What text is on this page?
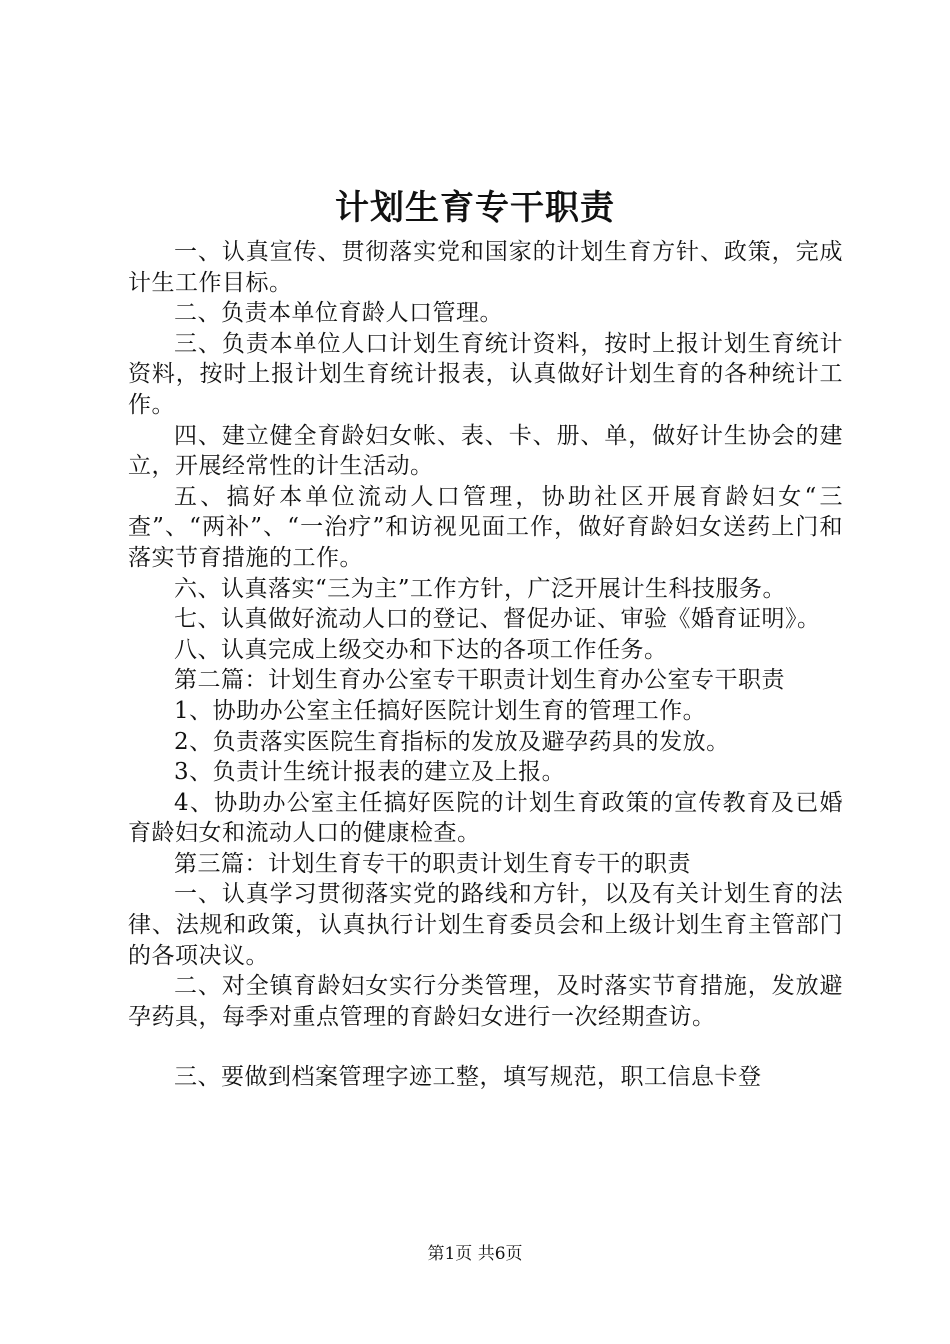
计划生育专干职责

一、认真宣传、贯彻落实党和国家的计划生育方针、政策，完成计生工作目标。

二、负责本单位育龄人口管理。

三、负责本单位人口计划生育统计资料，按时上报计划生育统计资料，按时上报计划生育统计报表，认真做好计划生育的各种统计工作。

四、建立健全育龄妇女帐、表、卡、册、单，做好计生协会的建立，开展经常性的计生活动。

五、搞好本单位流动人口管理，协助社区开展育龄妇女“三查”、“两补”、“一治疗”和访视见面工作，做好育龄妇女送药上门和落实节育措施的工作。

六、认真落实“三为主”工作方针，广泛开展计生科技服务。

七、认真做好流动人口的登记、督促办证、审验《婚育证明》。

八、认真完成上级交办和下达的各项工作任务。

第二篇：计划生育办公室专干职责计划生育办公室专干职责

1、协助办公室主任搞好医院计划生育的管理工作。

2、负责落实医院生育指标的发放及避孕药具的发放。

3、负责计生统计报表的建立及上报。

4、协助办公室主任搞好医院的计划生育政策的宣传教育及已婚育龄妇女和流动人口的健康检查。

第三篇：计划生育专干的职责计划生育专干的职责

一、认真学习贯彻落实党的路线和方针，以及有关计划生育的法律、法规和政策，认真执行计划生育委员会和上级计划生育主管部门的各项决议。

二、对全镇育龄妇女实行分类管理，及时落实节育措施，发放避孕药具，每季对重点管理的育龄妇女进行一次经期查访。

三、要做到档案管理字迹工整，填写规范，职工信息卡登

第1页 共6页
